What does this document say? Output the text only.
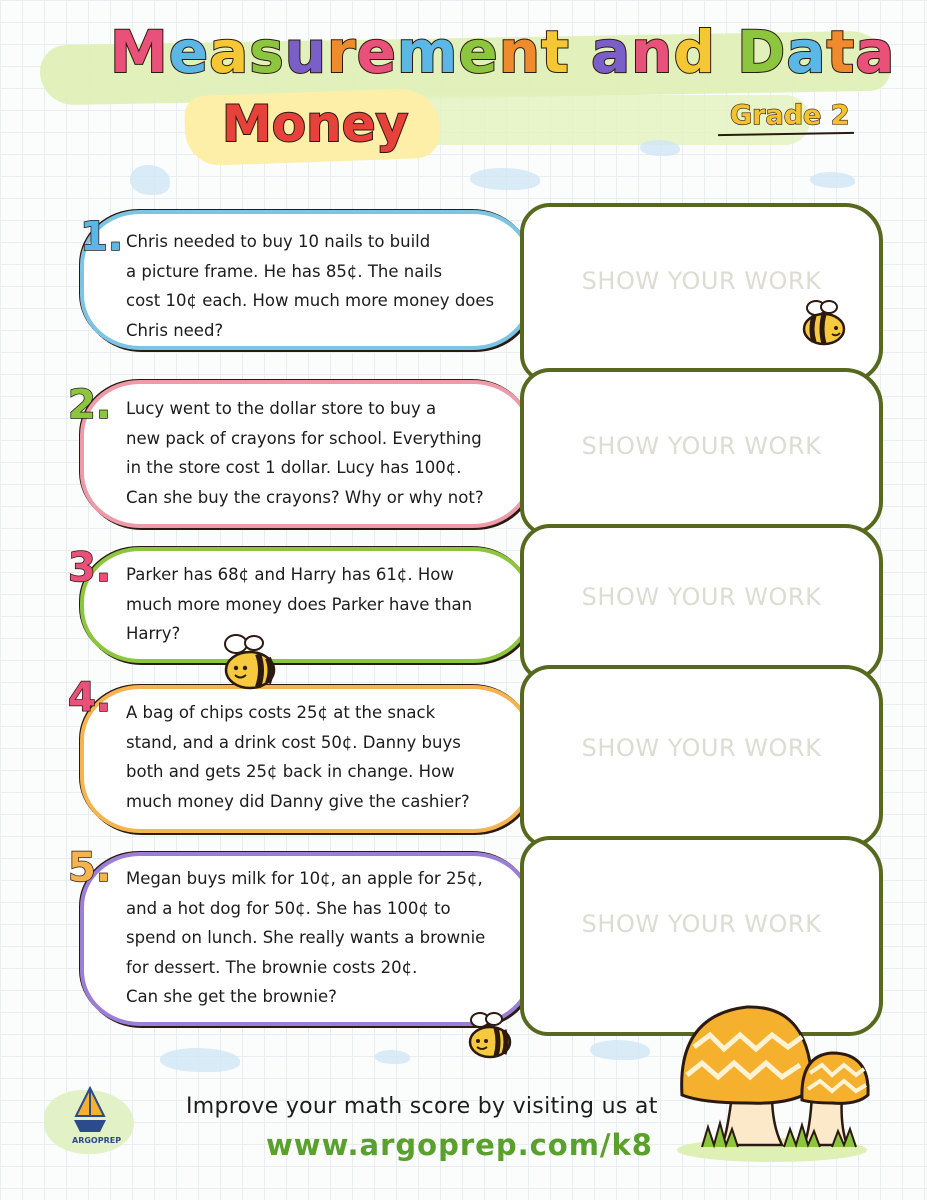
Measurement and Data
Money	Grade 2
1. Chris needed to buy 10 nails to build
a picture frame. He has 85¢. The nails
cost 10¢ each. How much more money does
Chris need?
2. Lucy went to the dollar store to buy a
new pack of crayons for school. Everything
in the store cost 1 dollar. Lucy has 100¢.
Can she buy the crayons? Why or why not?
3. Parker has 68¢ and Harry has 61¢. How
much more money does Parker have than
Harry?
4. A bag of chips costs 25¢ at the snack
stand, and a drink cost 50¢. Danny buys
both and gets 25¢ back in change. How
much money did Danny give the cashier?
5. Megan buys milk for 10¢, an apple for 25¢,
and a hot dog for 50¢. She has 100¢ to
spend on lunch. She really wants a brownie
for dessert. The brownie costs 20¢.
Can she get the brownie?
SHOW YOUR WORK
SHOW YOUR WORK
SHOW YOUR WORK
SHOW YOUR WORK
SHOW YOUR WORK
ARGOPREP
Improve your math score by visiting us at
www.argoprep.com/k8
